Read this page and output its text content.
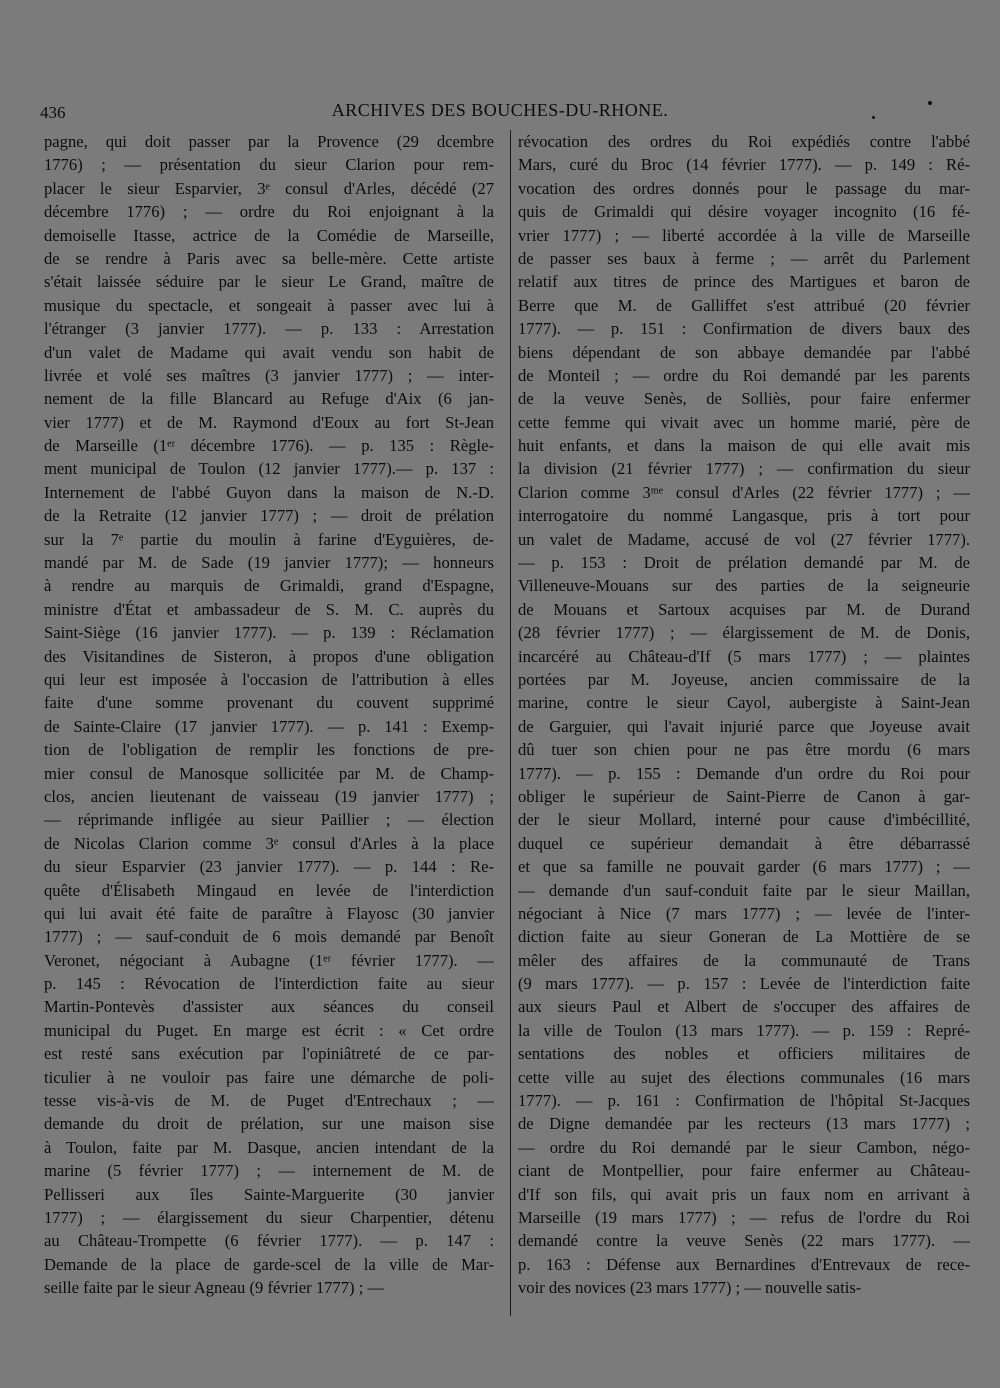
436	ARCHIVES DES BOUCHES-DU-RHONE.
pagne, qui doit passer par la Provence (29 dcembre
1776) ; — présentation du sieur Clarion pour rem-
placer le sieur Esparvier, 3ᵉ consul d'Arles, décédé (27
décembre 1776) ; — ordre du Roi enjoignant à la
demoiselle Itasse, actrice de la Comédie de Marseille,
de se rendre à Paris avec sa belle-mère. Cette artiste
s'était laissée séduire par le sieur Le Grand, maître de
musique du spectacle, et songeait à passer avec lui à
l'étranger (3 janvier 1777). — p. 133 : Arrestation
d'un valet de Madame qui avait vendu son habit de
livrée et volé ses maîtres (3 janvier 1777) ; — inter-
nement de la fille Blancard au Refuge d'Aix (6 jan-
vier 1777) et de M. Raymond d'Eoux au fort St-Jean
de Marseille (1ᵉʳ décembre 1776). — p. 135 : Règle-
ment municipal de Toulon (12 janvier 1777).— p. 137 :
Internement de l'abbé Guyon dans la maison de N.-D.
de la Retraite (12 janvier 1777) ; — droit de prélation
sur la 7ᵉ partie du moulin à farine d'Eyguières, de-
mandé par M. de Sade (19 janvier 1777); — honneurs
à rendre au marquis de Grimaldi, grand d'Espagne,
ministre d'État et ambassadeur de S. M. C. auprès du
Saint-Siège (16 janvier 1777). — p. 139 : Réclamation
des Visitandines de Sisteron, à propos d'une obligation
qui leur est imposée à l'occasion de l'attribution à elles
faite d'une somme provenant du couvent supprimé
de Sainte-Claire (17 janvier 1777). — p. 141 : Exemp-
tion de l'obligation de remplir les fonctions de pre-
mier consul de Manosque sollicitée par M. de Champ-
clos, ancien lieutenant de vaisseau (19 janvier 1777) ;
— réprimande infligée au sieur Paillier ; — élection
de Nicolas Clarion comme 3ᵉ consul d'Arles à la place
du sieur Esparvier (23 janvier 1777). — p. 144 : Re-
quête d'Élisabeth Mingaud en levée de l'interdiction
qui lui avait été faite de paraître à Flayosc (30 janvier
1777) ; — sauf-conduit de 6 mois demandé par Benoît
Veronet, négociant à Aubagne (1ᵉʳ février 1777). —
p. 145 : Révocation de l'interdiction faite au sieur
Martin-Pontevès d'assister aux séances du conseil
municipal du Puget. En marge est écrit : « Cet ordre
est resté sans exécution par l'opiniâtreté de ce par-
ticulier à ne vouloir pas faire une démarche de poli-
tesse vis-à-vis de M. de Puget d'Entrechaux ; —
demande du droit de prélation, sur une maison sise
à Toulon, faite par M. Dasque, ancien intendant de la
marine (5 février 1777) ; — internement de M. de
Pellisseri aux îles Sainte-Marguerite (30 janvier
1777) ; — élargissement du sieur Charpentier, détenu
au Château-Trompette (6 février 1777). — p. 147 :
Demande de la place de garde-scel de la ville de Mar-
seille faite par le sieur Agneau (9 février 1777) ; —
révocation des ordres du Roi expédiés contre l'abbé
Mars, curé du Broc (14 février 1777). — p. 149 : Ré-
vocation des ordres donnés pour le passage du mar-
quis de Grimaldi qui désire voyager incognito (16 fé-
vrier 1777) ; — liberté accordée à la ville de Marseille
de passer ses baux à ferme ; — arrêt du Parlement
relatif aux titres de prince des Martigues et baron de
Berre que M. de Galliffet s'est attribué (20 février
1777). — p. 151 : Confirmation de divers baux des
biens dépendant de son abbaye demandée par l'abbé
de Monteil ; — ordre du Roi demandé par les parents
de la veuve Senès, de Solliès, pour faire enfermer
cette femme qui vivait avec un homme marié, père de
huit enfants, et dans la maison de qui elle avait mis
la division (21 février 1777) ; — confirmation du sieur
Clarion comme 3ᵐᵉ consul d'Arles (22 février 1777) ; —
interrogatoire du nommé Langasque, pris à tort pour
un valet de Madame, accusé de vol (27 février 1777).
— p. 153 : Droit de prélation demandé par M. de
Villeneuve-Mouans sur des parties de la seigneurie
de Mouans et Sartoux acquises par M. de Durand
(28 février 1777) ; — élargissement de M. de Donis,
incarcéré au Château-d'If (5 mars 1777) ; — plaintes
portées par M. Joyeuse, ancien commissaire de la
marine, contre le sieur Cayol, aubergiste à Saint-Jean
de Garguier, qui l'avait injurié parce que Joyeuse avait
dû tuer son chien pour ne pas être mordu (6 mars
1777). — p. 155 : Demande d'un ordre du Roi pour
obliger le supérieur de Saint-Pierre de Canon à gar-
der le sieur Mollard, interné pour cause d'imbécillité,
duquel ce supérieur demandait à être débarrassé
et que sa famille ne pouvait garder (6 mars 1777) ; —
— demande d'un sauf-conduit faite par le sieur Maillan,
négociant à Nice (7 mars 1777) ; — levée de l'inter-
diction faite au sieur Goneran de La Mottière de se
mêler des affaires de la communauté de Trans
(9 mars 1777). — p. 157 : Levée de l'interdiction faite
aux sieurs Paul et Albert de s'occuper des affaires de
la ville de Toulon (13 mars 1777). — p. 159 : Repré-
sentations des nobles et officiers militaires de
cette ville au sujet des élections communales (16 mars
1777). — p. 161 : Confirmation de l'hôpital St-Jacques
de Digne demandée par les recteurs (13 mars 1777) ;
— ordre du Roi demandé par le sieur Cambon, négo-
ciant de Montpellier, pour faire enfermer au Château-
d'If son fils, qui avait pris un faux nom en arrivant à
Marseille (19 mars 1777) ; — refus de l'ordre du Roi
demandé contre la veuve Senès (22 mars 1777). —
p. 163 : Défense aux Bernardines d'Entrevaux de rece-
voir des novices (23 mars 1777) ; — nouvelle satis-
